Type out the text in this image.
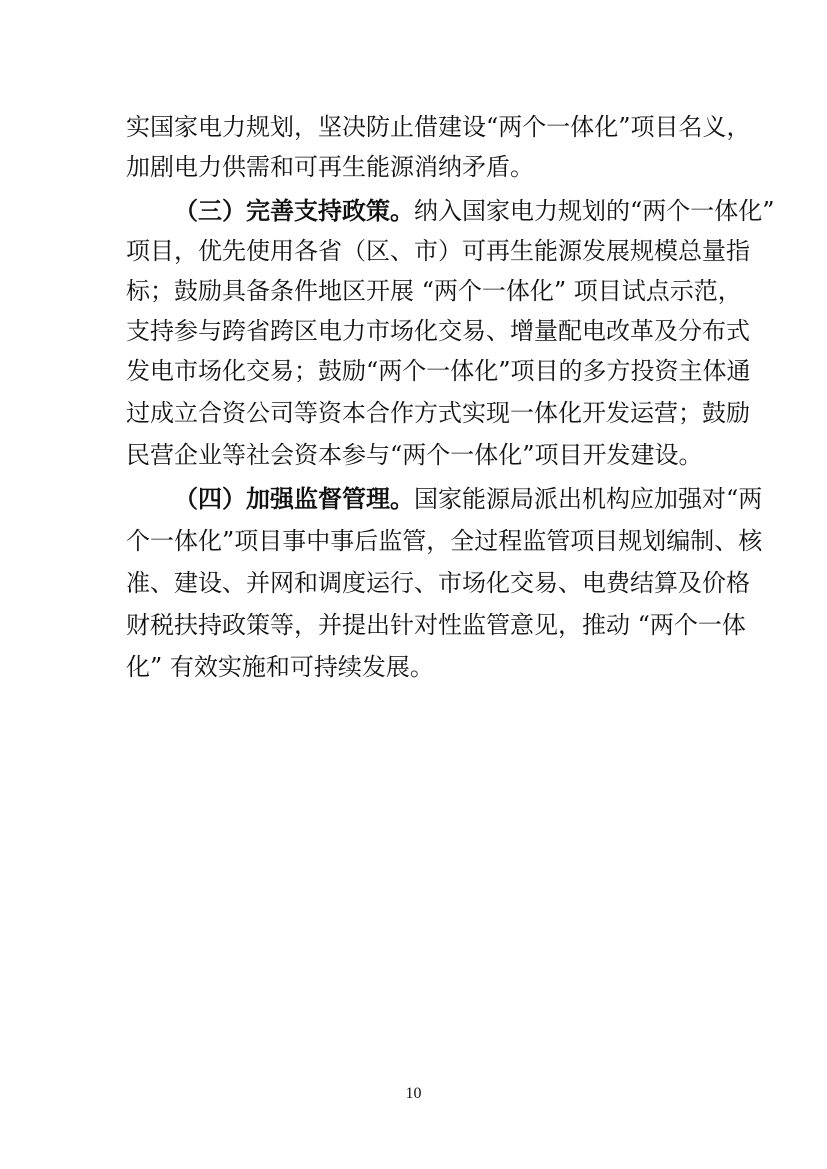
实国家电力规划，坚决防止借建设“两个一体化”项目名义，
加剧电力供需和可再生能源消纳矛盾。
（三）完善支持政策。纳入国家电力规划的“两个一体化”
项目，优先使用各省（区、市）可再生能源发展规模总量指
标；鼓励具备条件地区开展 “两个一体化” 项目试点示范，
支持参与跨省跨区电力市场化交易、增量配电改革及分布式
发电市场化交易；鼓励“两个一体化”项目的多方投资主体通
过成立合资公司等资本合作方式实现一体化开发运营；鼓励
民营企业等社会资本参与“两个一体化”项目开发建设。
（四）加强监督管理。国家能源局派出机构应加强对“两
个一体化”项目事中事后监管，全过程监管项目规划编制、核
准、建设、并网和调度运行、市场化交易、电费结算及价格
财税扶持政策等，并提出针对性监管意见，推动 “两个一体
化” 有效实施和可持续发展。
10
